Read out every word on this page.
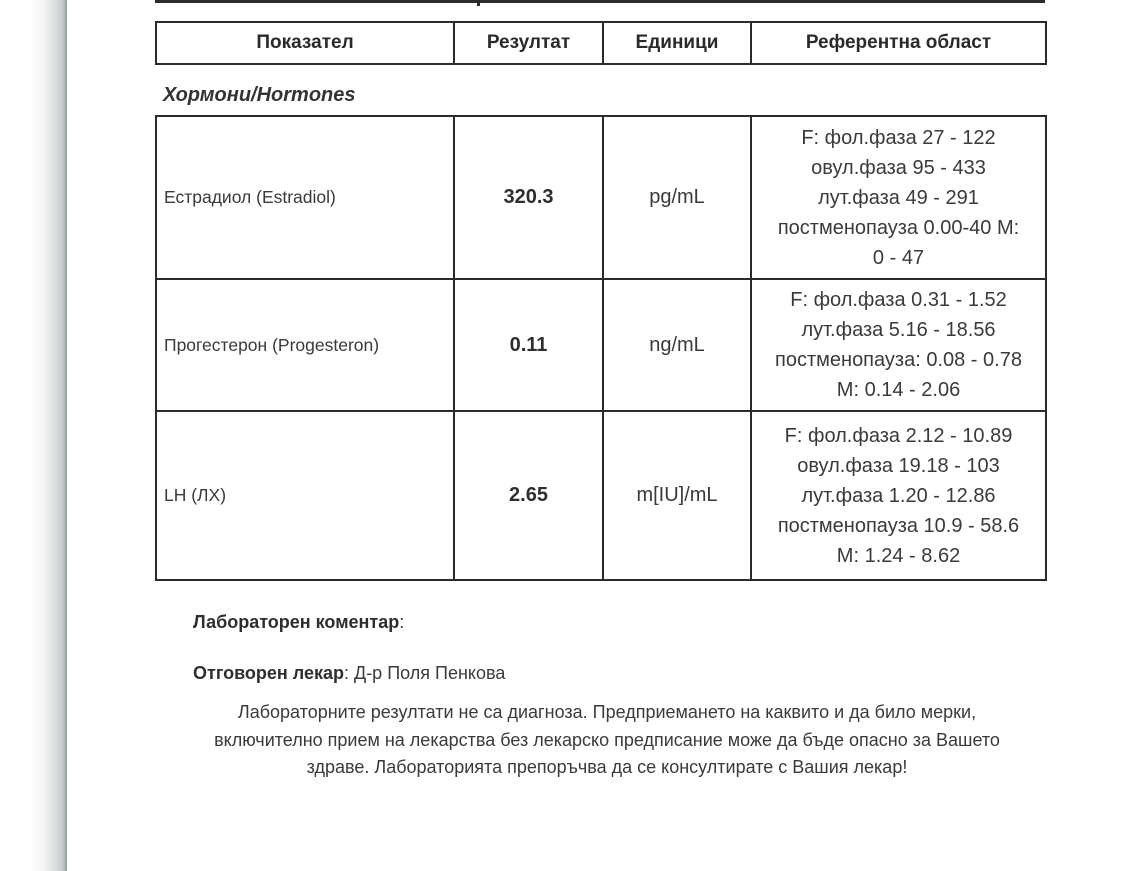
Показател	Резултат	Единици	Референтна област
Хормони/Hormones
Естрадиол (Estradiol)	320.3	pg/mL	F: фол.фаза 27 - 122
овул.фаза 95 - 433
лут.фаза 49 - 291
постменопауза 0.00-40 М:
0 - 47

Прогестерон (Progesteron)	0.11	ng/mL	F: фол.фаза 0.31 - 1.52
лут.фаза 5.16 - 18.56
постменопауза: 0.08 - 0.78
М: 0.14 - 2.06

LH (ЛХ)	2.65	m[IU]/mL	F: фол.фаза 2.12 - 10.89
овул.фаза 19.18 - 103
лут.фаза 1.20 - 12.86
постменопауза 10.9 - 58.6
М: 1.24 - 8.62
Лабораторен коментар:
Отговорен лекар: Д-р Поля Пенкова
Лабораторните резултати не са диагноза. Предприемането на каквито и да било мерки,
включително прием на лекарства без лекарско предписание може да бъде опасно за Вашето
здраве. Лабораторията препоръчва да се консултирате с Вашия лекар!
